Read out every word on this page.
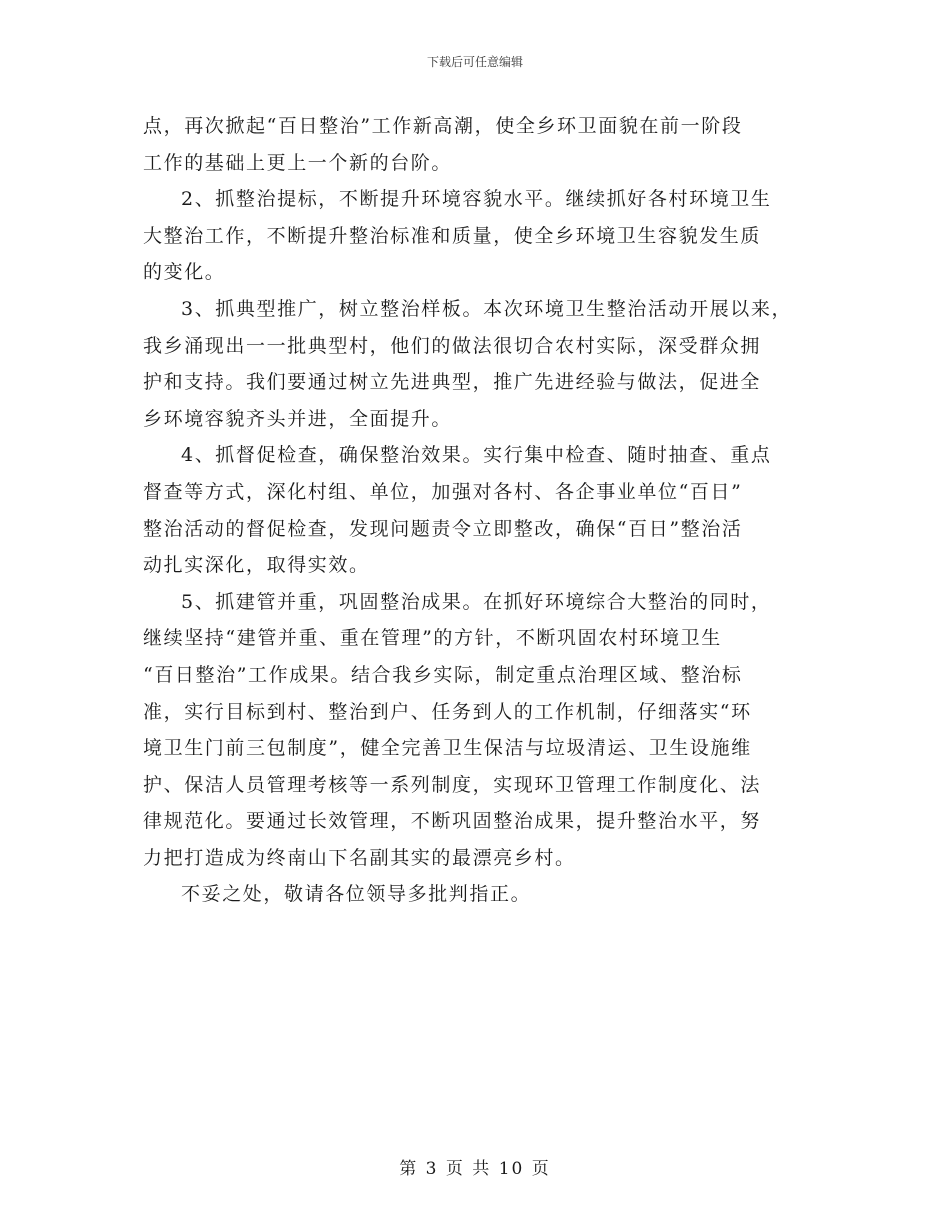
下载后可任意编辑

点，再次掀起“百日整治”工作新高潮，使全乡环卫面貌在前一阶段
工作的基础上更上一个新的台阶。

2、抓整治提标，不断提升环境容貌水平。继续抓好各村环境卫生
大整治工作，不断提升整治标准和质量，使全乡环境卫生容貌发生质
的变化。

3、抓典型推广，树立整治样板。本次环境卫生整治活动开展以来，
我乡涌现出一一批典型村，他们的做法很切合农村实际，深受群众拥
护和支持。我们要通过树立先进典型，推广先进经验与做法，促进全
乡环境容貌齐头并进，全面提升。

4、抓督促检查，确保整治效果。实行集中检查、随时抽查、重点
督查等方式，深化村组、单位，加强对各村、各企事业单位“百日”
整治活动的督促检查，发现问题责令立即整改，确保“百日”整治活
动扎实深化，取得实效。

5、抓建管并重，巩固整治成果。在抓好环境综合大整治的同时，
继续坚持“建管并重、重在管理”的方针，不断巩固农村环境卫生
“百日整治”工作成果。结合我乡实际，制定重点治理区域、整治标
准，实行目标到村、整治到户、任务到人的工作机制，仔细落实“环
境卫生门前三包制度”，健全完善卫生保洁与垃圾清运、卫生设施维
护、保洁人员管理考核等一系列制度，实现环卫管理工作制度化、法
律规范化。要通过长效管理，不断巩固整治成果，提升整治水平，努
力把打造成为终南山下名副其实的最漂亮乡村。

不妥之处，敬请各位领导多批判指正。

第 3 页 共 10 页
